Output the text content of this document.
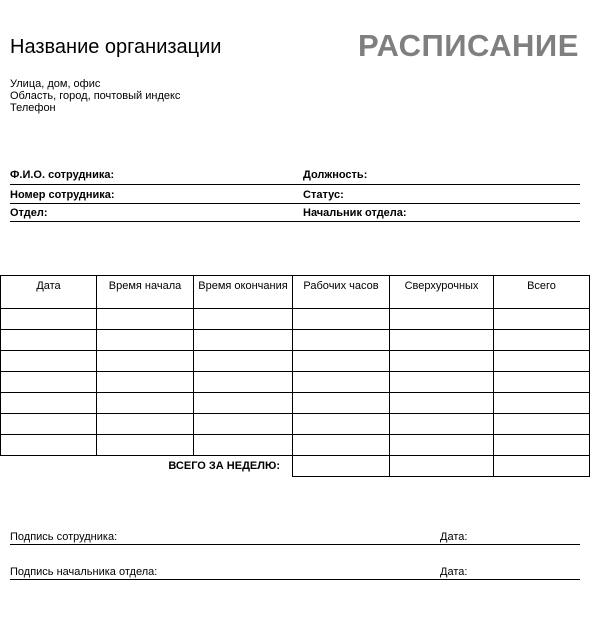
Название организации	РАСПИСАНИЕ
Улица, дом, офис
Область, город, почтовый индекс
Телефон
Ф.И.О. сотрудника:	Должность:
Номер сотрудника:	Статус:
Отдел:	Начальник отдела:
Дата	Время начала	Время окончания	Рабочих часов	Сверхурочных	Всего

	ВСЕГО ЗА НЕДЕЛЮ:				
Подпись сотрудника:	Дата:
Подпись начальника отдела:	Дата:
